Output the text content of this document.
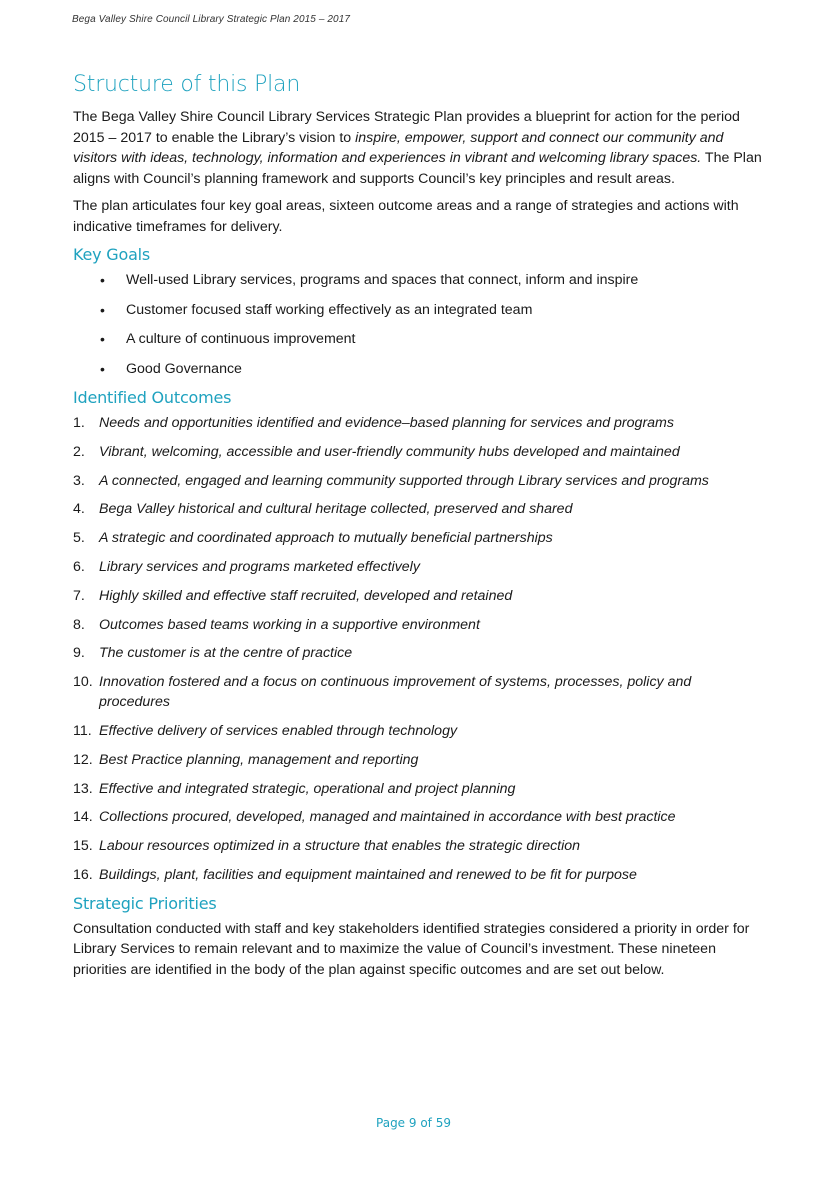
Bega Valley Shire Council Library Strategic Plan 2015 – 2017
Structure of this Plan

The Bega Valley Shire Council Library Services Strategic Plan provides a blueprint for action for the period 2015 – 2017 to enable the Library’s vision to inspire, empower, support and connect our community and visitors with ideas, technology, information and experiences in vibrant and welcoming library spaces. The Plan aligns with Council’s planning framework and supports Council’s key principles and result areas.

The plan articulates four key goal areas, sixteen outcome areas and a range of strategies and actions with indicative timeframes for delivery.

Key Goals
• Well-used Library services, programs and spaces that connect, inform and inspire
• Customer focused staff working effectively as an integrated team
• A culture of continuous improvement
• Good Governance
Identified Outcomes
1. Needs and opportunities identified and evidence–based planning for services and programs
2. Vibrant, welcoming, accessible and user-friendly community hubs developed and maintained
3. A connected, engaged and learning community supported through Library services and programs
4. Bega Valley historical and cultural heritage collected, preserved and shared
5. A strategic and coordinated approach to mutually beneficial partnerships
6. Library services and programs marketed effectively
7. Highly skilled and effective staff recruited, developed and retained
8. Outcomes based teams working in a supportive environment
9. The customer is at the centre of practice
10. Innovation fostered and a focus on continuous improvement of systems, processes, policy and procedures
11. Effective delivery of services enabled through technology
12. Best Practice planning, management and reporting
13. Effective and integrated strategic, operational and project planning
14. Collections procured, developed, managed and maintained in accordance with best practice
15. Labour resources optimized in a structure that enables the strategic direction
16. Buildings, plant, facilities and equipment maintained and renewed to be fit for purpose
Strategic Priorities

Consultation conducted with staff and key stakeholders identified strategies considered a priority in order for Library Services to remain relevant and to maximize the value of Council’s investment. These nineteen priorities are identified in the body of the plan against specific outcomes and are set out below.

Page 9 of 59
